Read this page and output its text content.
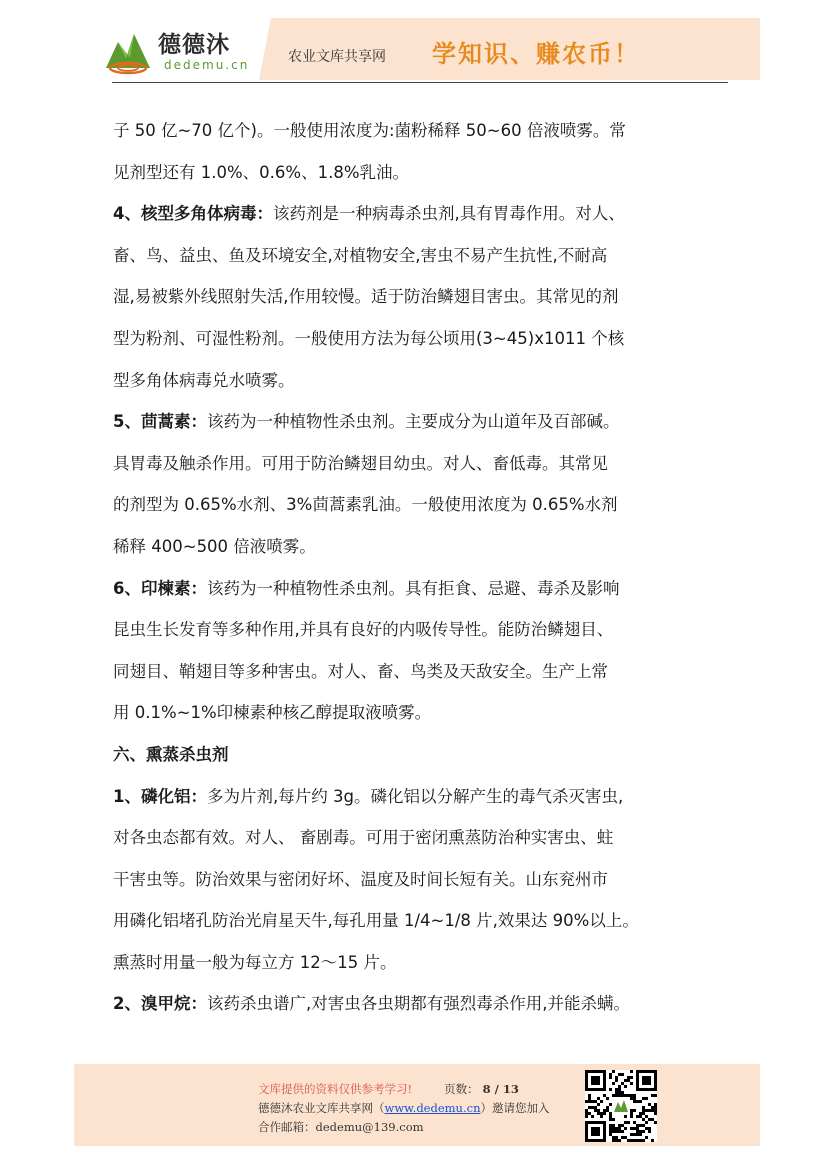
德德沐
dedemu.cn	农业文库共享网 学知识、赚农币！
子 50 亿~70 亿个)。一般使用浓度为:菌粉稀释 50~60 倍液喷雾。常
见剂型还有 1.0%、0.6%、1.8%乳油。
4、核型多角体病毒：该药剂是一种病毒杀虫剂,具有胃毒作用。对人、
畜、鸟、益虫、鱼及环境安全,对植物安全,害虫不易产生抗性,不耐高
湿,易被紫外线照射失活,作用较慢。适于防治鳞翅目害虫。其常见的剂
型为粉剂、可湿性粉剂。一般使用方法为每公顷用(3~45)x1011 个核
型多角体病毒兑水喷雾。
5、茴蒿素：该药为一种植物性杀虫剂。主要成分为山道年及百部碱。
具胃毒及触杀作用。可用于防治鳞翅目幼虫。对人、畜低毒。其常见
的剂型为 0.65%水剂、3%茴蒿素乳油。一般使用浓度为 0.65%水剂
稀释 400~500 倍液喷雾。
6、印楝素：该药为一种植物性杀虫剂。具有拒食、忌避、毒杀及影响
昆虫生长发育等多种作用,并具有良好的内吸传导性。能防治鳞翅目、
同翅目、鞘翅目等多种害虫。对人、畜、鸟类及天敌安全。生产上常
用 0.1%~1%印楝素种核乙醇提取液喷雾。
六、熏蒸杀虫剂
1、磷化铝：多为片剂,每片约 3g。磷化铝以分解产生的毒气杀灭害虫,
对各虫态都有效。对人、 畜剧毒。可用于密闭熏蒸防治种实害虫、蛀
干害虫等。防治效果与密闭好坏、温度及时间长短有关。山东兖州市
用磷化铝堵孔防治光肩星天牛,每孔用量 1/4~1/8 片,效果达 90%以上。
熏蒸时用量一般为每立方 12～15 片。
2、溴甲烷：该药杀虫谱广,对害虫各虫期都有强烈毒杀作用,并能杀螨。
文库提供的资料仅供参考学习!	页数： 8 / 13
德德沐农业文库共享网（www.dedemu.cn）邀请您加入
合作邮箱：dedemu@139.com
